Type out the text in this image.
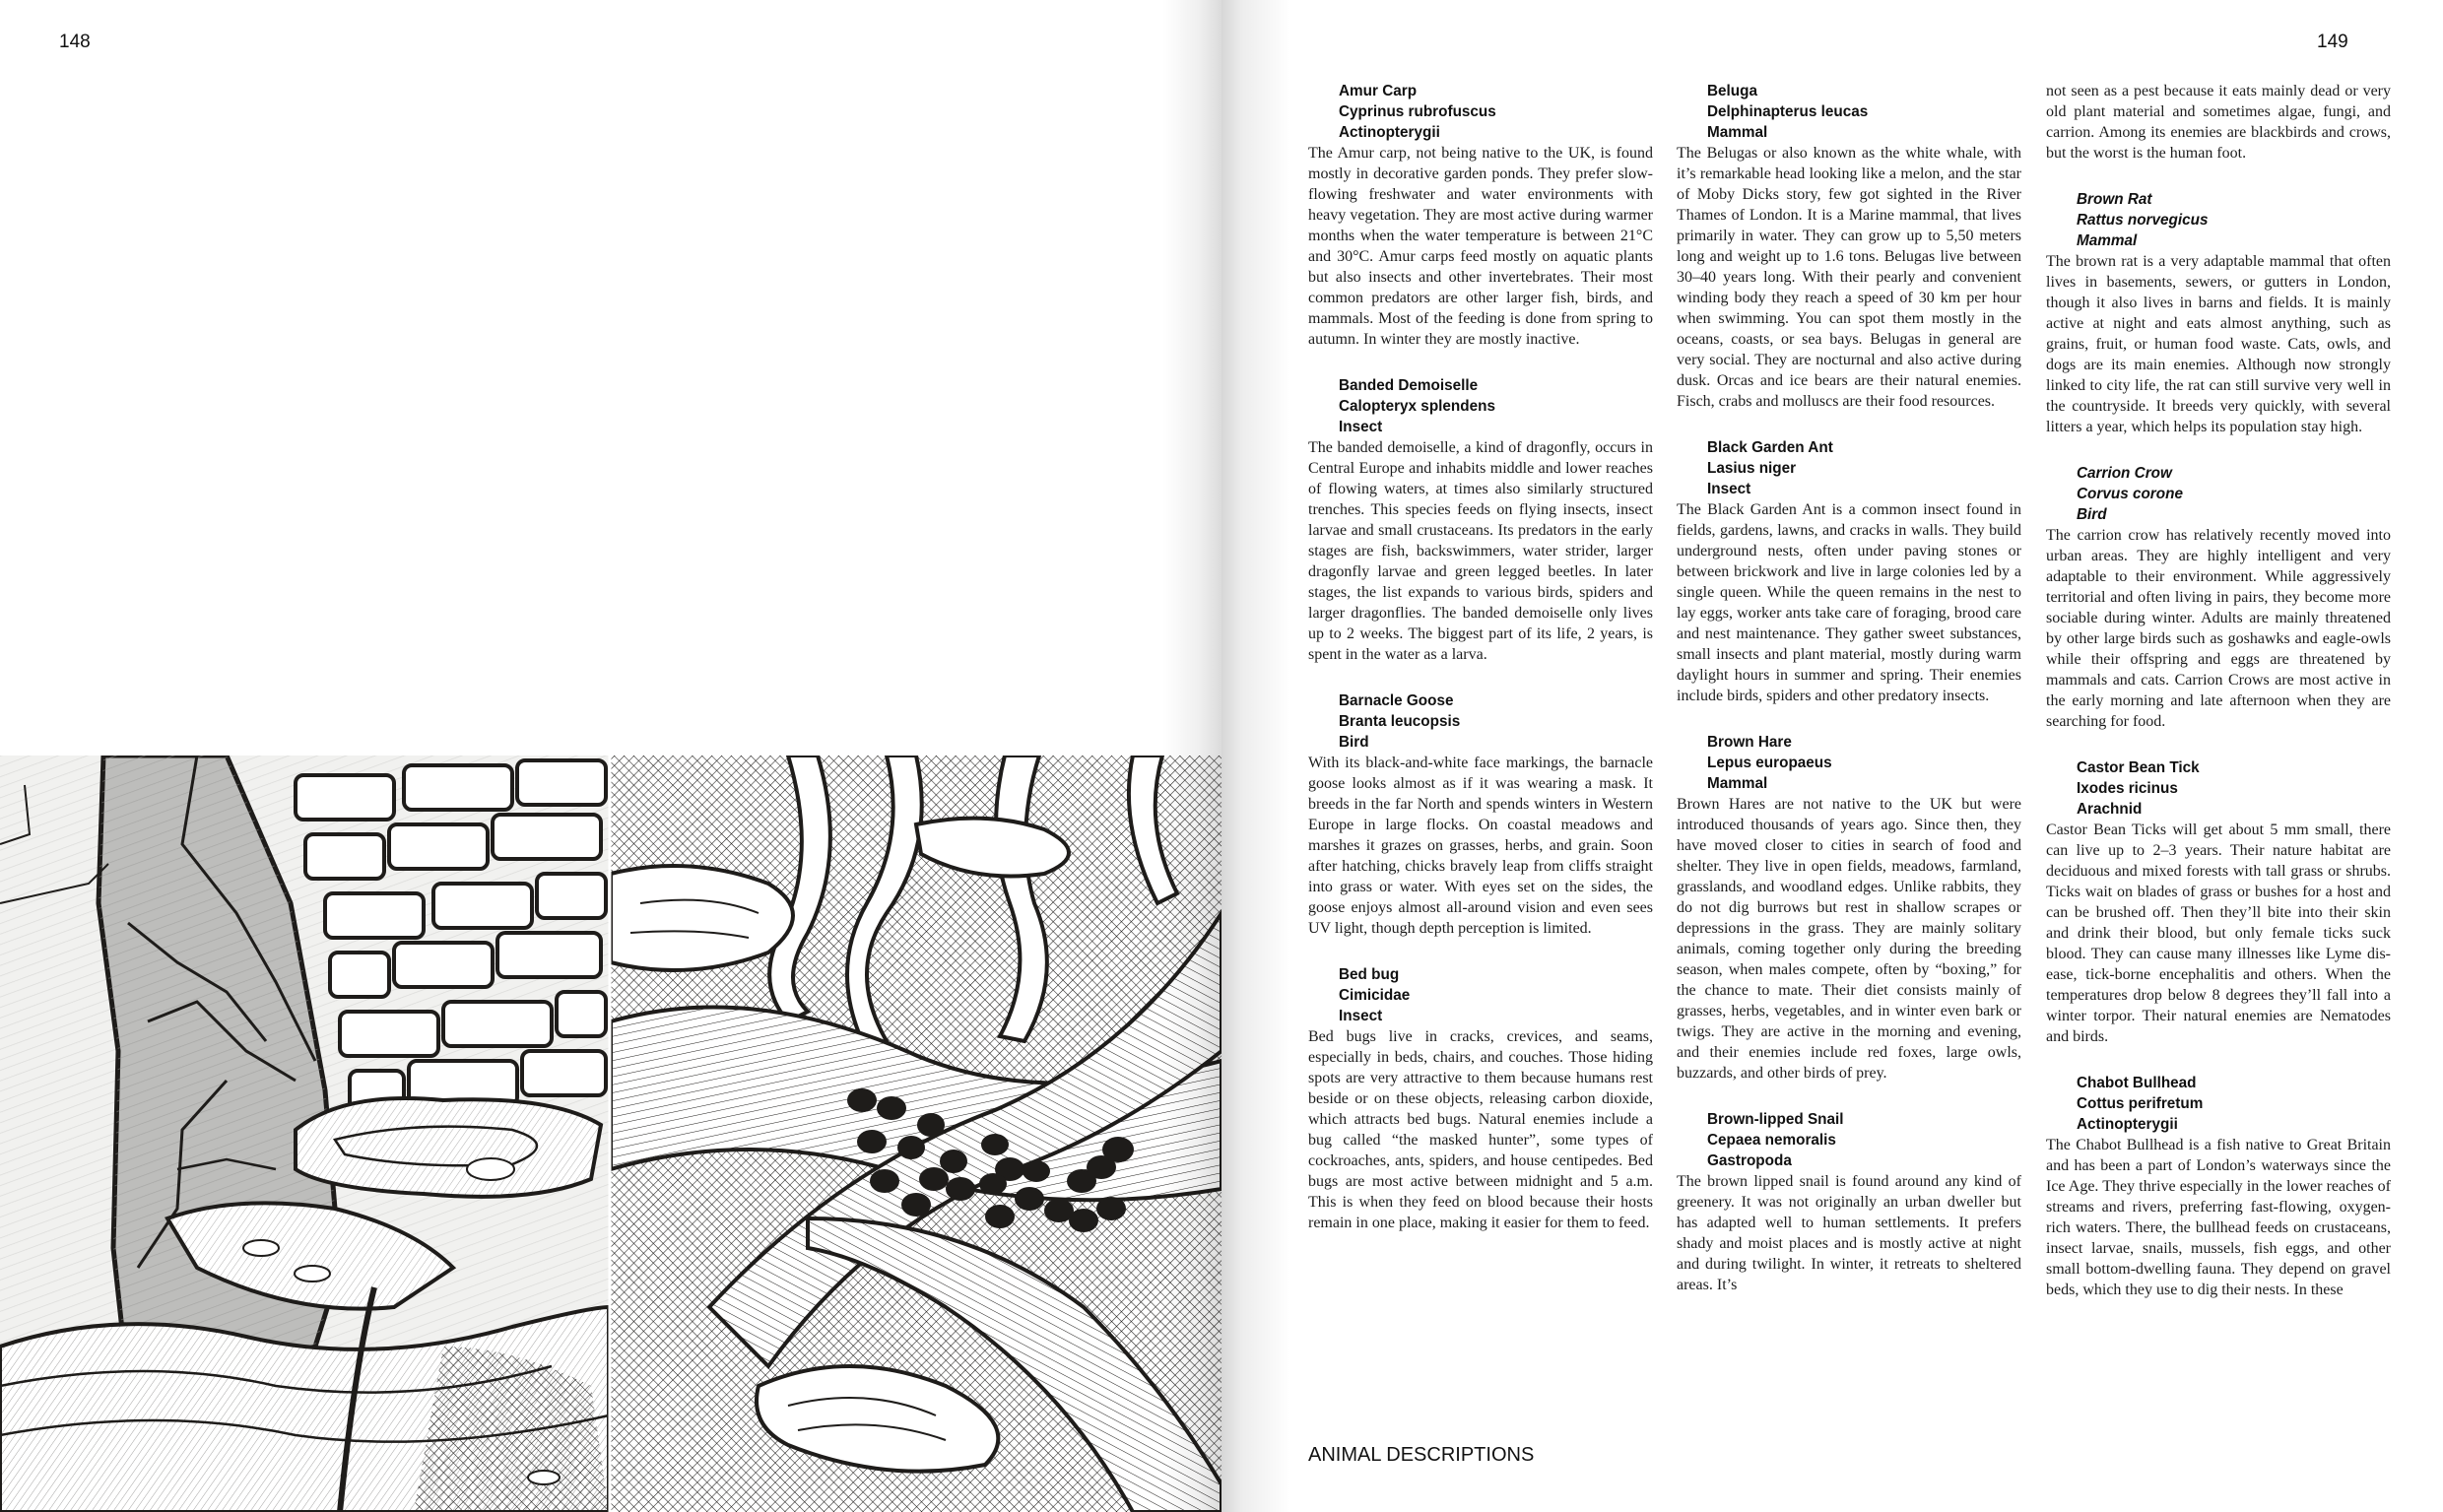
148	149
Amur Carp
Cyprinus rubrofuscus
Actinopterygii

The Amur carp, not being native to the UK, is found mostly in decorative garden ponds. They prefer slow-flowing freshwater and water environments with heavy vegetation. They are most active during warmer months when the water temperature is between 21°C and 30°C. Amur carps feed mostly on aquatic plants but also insects and other invertebrates. Their most common predators are other larger fish, birds, and mammals. Most of the feeding is done from spring to autumn. In winter they are mostly inactive.

Banded Demoiselle
Calopteryx splendens
Insect

The banded demoiselle, a kind of dragonfly, occurs in Central Europe and inhabits middle and lower reaches of flowing waters, at times also similarly structured trenches. This species feeds on flying insects, insect larvae and small crustaceans. Its predators in the early stages are fish, backswimmers, water strider, larger dragonfly larvae and green legged beetles. In later stages, the list expands to various birds, spiders and larger dragonflies. The banded demoiselle only lives up to 2 weeks. The biggest part of its life, 2 years, is spent in the water as a larva.

Barnacle Goose
Branta leucopsis
Bird

With its black-and-white face markings, the barnacle goose looks almost as if it was wearing a mask. It breeds in the far North and spends winters in Western Europe in large flocks. On coastal meadows and marshes it grazes on grasses, herbs, and grain. Soon after hatching, chicks bravely leap from cliffs straight into grass or water. With eyes set on the sides, the goose enjoys almost all-around vision and even sees UV light, though depth perception is limited.

Bed bug
Cimicidae
Insect

Bed bugs live in cracks, crevices, and seams, especially in beds, chairs, and couches. Those hiding spots are very attractive to them because humans rest beside or on these objects, releasing carbon dioxide, which attracts bed bugs. Natural enemies include a bug called “the masked hunter”, some types of cockroaches, ants, spiders, and house centipedes. Bed bugs are most active between midnight and 5 a.m. This is when they feed on blood because their hosts remain in one place, making it easier for them to feed.

Beluga
Delphinapterus leucas
Mammal

The Belugas or also known as the white whale, with it’s remarkable head looking like a melon, and the star of Moby Dicks story, few got sighted in the River Thames of London. It is a Marine mammal, that lives primarily in water. They can grow up to 5,50 meters long and weight up to 1.6 tons. Belugas live between 30–40 years long. With their pearly and convenient winding body they reach a speed of 30 km per hour when swimming. You can spot them mostly in the oceans, coasts, or sea bays. Belugas in general are very social. They are nocturnal and also active during dusk. Orcas and ice bears are their natural enemies. Fisch, crabs and molluscs are their food resources.

Black Garden Ant
Lasius niger
Insect

The Black Garden Ant is a common insect found in fields, gardens, lawns, and cracks in walls. They build underground nests, often under paving stones or between brickwork and live in large colonies led by a single queen. While the queen remains in the nest to lay eggs, worker ants take care of foraging, brood care and nest maintenance. They gather sweet substances, small insects and plant material, mostly during warm daylight hours in summer and spring. Their enemies include birds, spiders and other predatory insects.

Brown Hare
Lepus europaeus
Mammal

Brown Hares are not native to the UK but were introduced thousands of years ago. Since then, they have moved closer to cities in search of food and shelter. They live in open fields, meadows, farmland, grasslands, and woodland edges. Unlike rabbits, they do not dig burrows but rest in shallow scrapes or depressions in the grass. They are mainly solitary animals, coming together only during the breeding season, when males compete, often by “boxing,” for the chance to mate. Their diet consists mainly of grasses, herbs, vegetables, and in winter even bark or twigs. They are active in the morning and evening, and their enemies include red foxes, large owls, buzzards, and other birds of prey.

Brown-lipped Snail
Cepaea nemoralis
Gastropoda

The brown lipped snail is found around any kind of greenery. It was not originally an urban dweller but has adapted well to human settlements. It prefers shady and moist places and is mostly active at night and during twilight. In winter, it retreats to sheltered areas. It’s

not seen as a pest because it eats mainly dead or very old plant material and sometimes algae, fungi, and carrion. Among its enemies are blackbirds and crows, but the worst is the human foot.

Brown Rat
Rattus norvegicus
Mammal

The brown rat is a very adaptable mammal that often lives in basements, sewers, or gutters in London, though it also lives in barns and fields. It is mainly active at night and eats almost anything, such as grains, fruit, or human food waste. Cats, owls, and dogs are its main enemies. Although now strongly linked to city life, the rat can still survive very well in the countryside. It breeds very quickly, with several litters a year, which helps its population stay high.

Carrion Crow
Corvus corone
Bird

The carrion crow has relatively recently moved into urban areas. They are highly intelligent and very adaptable to their environment. While aggressively territorial and often living in pairs, they become more sociable during winter. Adults are mainly threatened by other large birds such as goshawks and eagle-owls while their offspring and eggs are threatened by mammals and cats. Carrion Crows are most active in the early morning and late afternoon when they are searching for food.

Castor Bean Tick
Ixodes ricinus
Arachnid

Castor Bean Ticks will get about 5 mm small, there can live up to 2–3 years. Their nature habitat are deciduous and mixed forests with tall grass or shrubs. Ticks wait on blades of grass or bushes for a host and can be brushed off. Then they’ll bite into their skin and drink their blood, but only female ticks suck blood. They can cause many illnesses like Lyme disease, tick-borne encephalitis and others. When the temperatures drop below 8 degrees they’ll fall into a winter torpor. Their natural enemies are Nematodes and birds.

Chabot Bullhead
Cottus perifretum
Actinopterygii

The Chabot Bullhead is a fish native to Great Britain and has been a part of London’s waterways since the Ice Age. They thrive especially in the lower reaches of streams and rivers, preferring fast-flowing, oxygen-rich waters. There, the bullhead feeds on crustaceans, insect larvae, snails, mussels, fish eggs, and other small bottom-dwelling fauna. They depend on gravel beds, which they use to dig their nests. In these

ANIMAL DESCRIPTIONS
